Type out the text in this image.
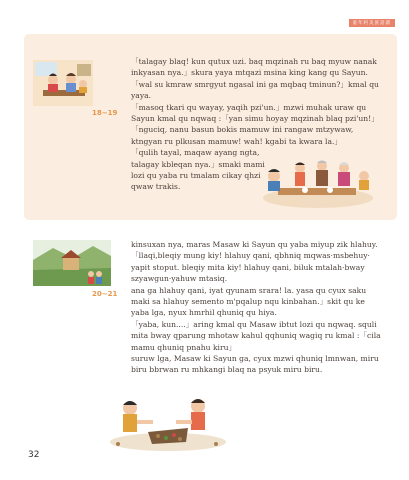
童年阿美族語讀
18~19
「talagay blaq! kun qutux uzi. baq mqzinah ru baq myuw nanak
inkyasan nya.」skura yaya mtqazi msina king kang qu Sayun.
「wal su kmraw smrgyut ngasal ini ga mqbaq tminun?」kmal qu
yaya.
「masoq tkari qu wayay, yaqih pzi'un.」mzwi muhak uraw qu
Sayun kmal qu nqwaq :「yan simu hoyay mqzinah blaq pzi'un!」
「nguciq, nanu basun bokis mamuw ini rangaw mtzywaw,
ktngyan ru plkusan mamuw! wah! kgabi ta kwara la.」
「qulih tayal, maqaw ayang ngta,
talagay kbleqan nya.」smaki mami
lozi qu yaba ru tmalam cikay qhzi
qwaw trakis.
20~21
kinsuxan nya, maras Masaw ki Sayun qu yaba miyup zik hlahuy.
「llaqi,bleqiy mung kiy! hlahuy qani, qbhniq mqwas·msbehuy·
yapit stoput. bleqiy mita kiy! hlahuy qani, biluk mtalah·bway
szyawgun·yahuw mtasiq.
ana ga hlahuy qani, iyat qyunam srara! la. yasa qu cyux saku
maki sa hlahuy semento m'pqalup nqu kinbahan.」skit qu ke
yaba lga, nyux hmrhil qhuniq qu hiya.
「yaba, kun....」aring kmal qu Masaw ibtut lozi qu nqwaq. squli
mita bway qparung mhotaw kahul qqhuniq wagiq ru kmal :「cila
mamu qhuniq pnahu kiru」
suruw lga, Masaw ki Sayun ga, cyux mzwi qhuniq lmnwan, miru
biru bbrwan ru mhkangi blaq na psyuk miru biru.
32
